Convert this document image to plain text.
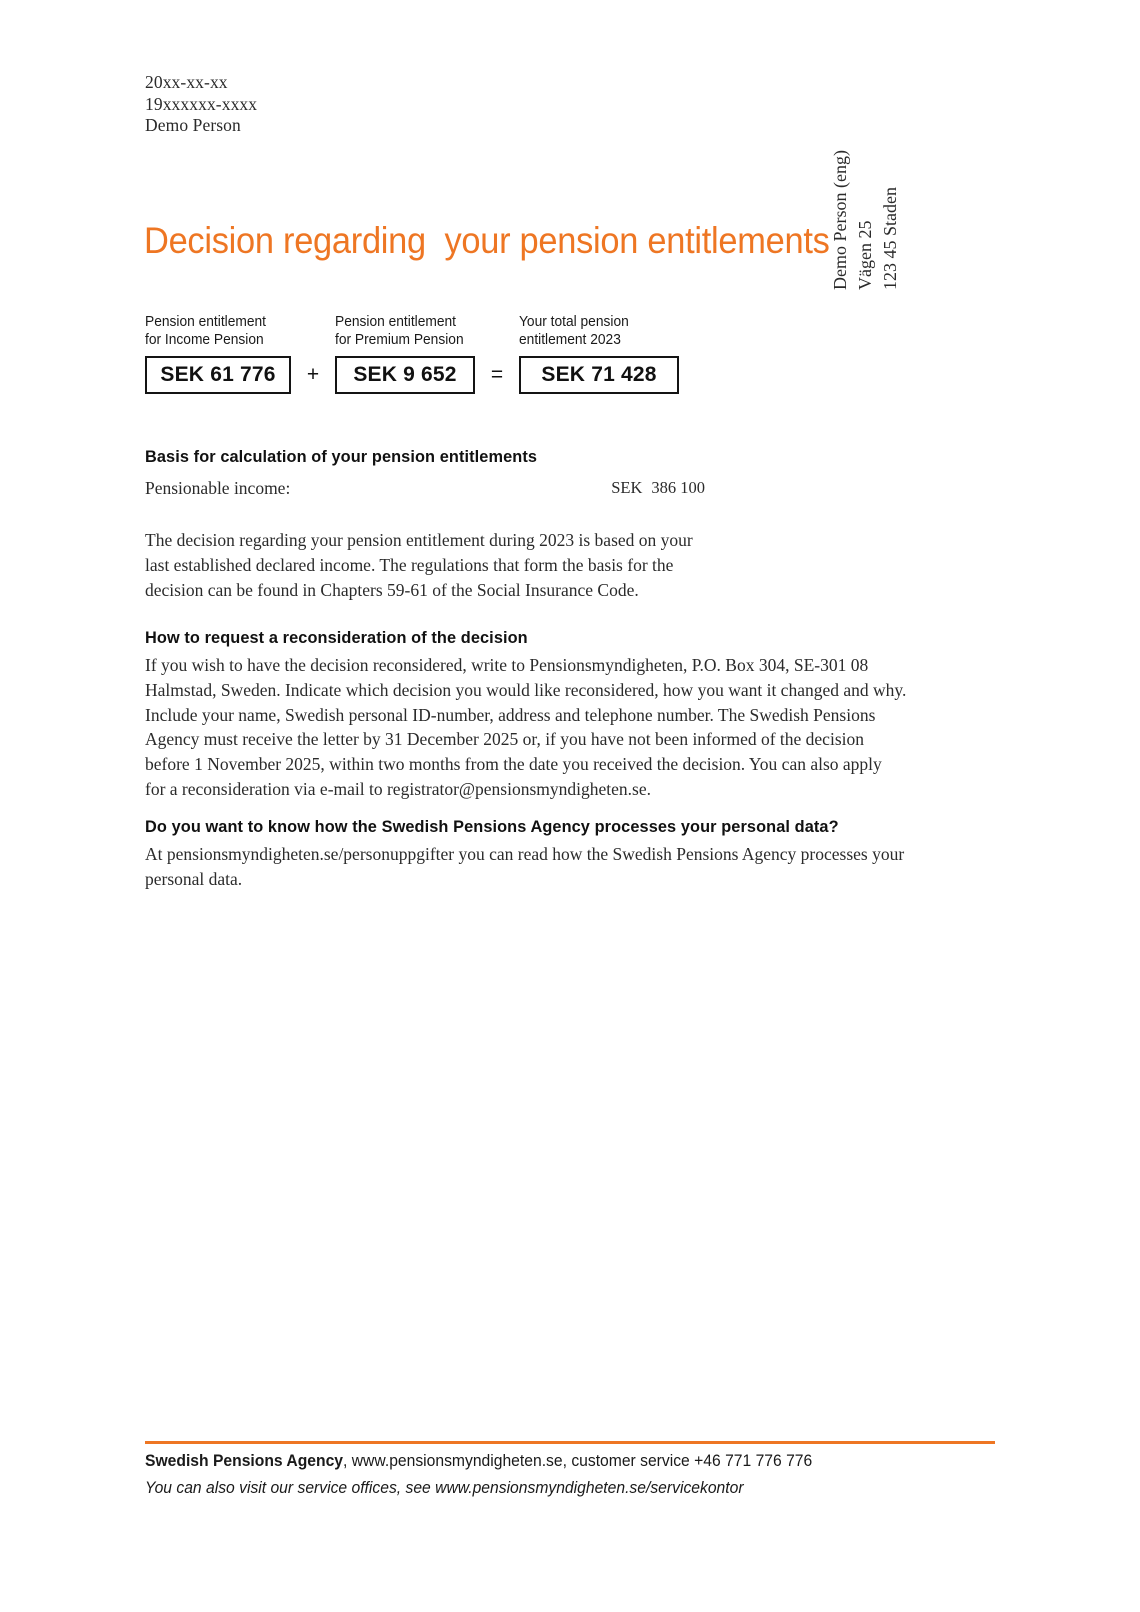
20xx-xx-xx
19xxxxxx-xxxx
Demo Person
Decision regarding  your pension entitlements
Pension entitlement
for Income Pension
SEK 61 776	+
Pension entitlement
for Premium Pension
SEK 9 652	=
Your total pension
entitlement 2023
SEK 71 428
Demo Person (eng) Vägen 25 123 45 Staden
Basis for calculation of your pension entitlements
Pensionable income:	SEK 386 100
The decision regarding your pension entitlement during 2023 is based on your
last established declared income. The regulations that form the basis for the
decision can be found in Chapters 59-61 of the Social Insurance Code.
How to request a reconsideration of the decision
If you wish to have the decision reconsidered, write to Pensionsmyndigheten, P.O. Box 304, SE-301 08
Halmstad, Sweden. Indicate which decision you would like reconsidered, how you want it changed and why.
Include your name, Swedish personal ID-number, address and telephone number. The Swedish Pensions
Agency must receive the letter by 31 December 2025 or, if you have not been informed of the decision
before 1 November 2025, within two months from the date you received the decision. You can also apply
for a reconsideration via e-mail to registrator@pensionsmyndigheten.se.
Do you want to know how the Swedish Pensions Agency processes your personal data?
At pensionsmyndigheten.se/personuppgifter you can read how the Swedish Pensions Agency processes your
personal data.
Swedish Pensions Agency, www.pensionsmyndigheten.se, customer service +46 771 776 776
You can also visit our service offices, see www.pensionsmyndigheten.se/servicekontor
